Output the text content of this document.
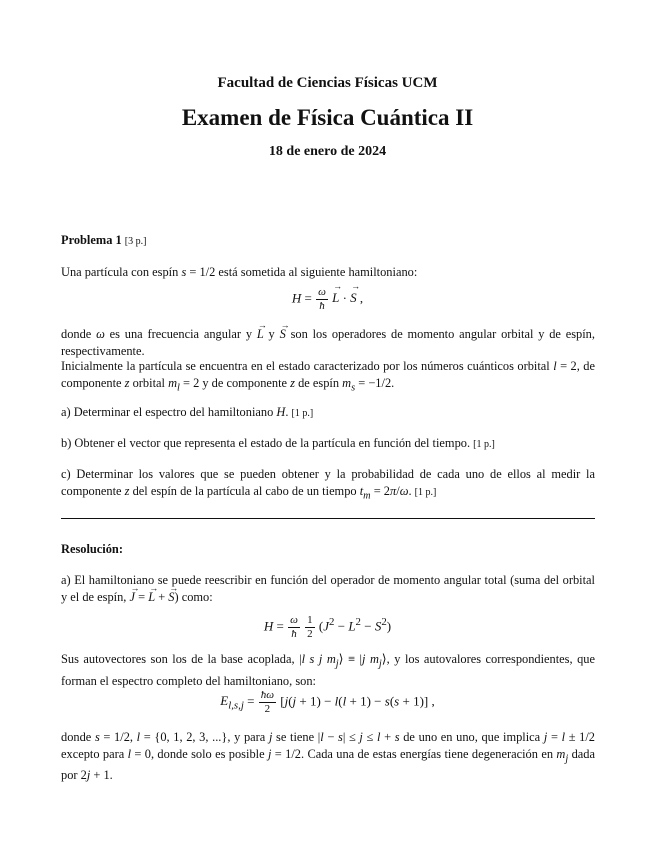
Facultad de Ciencias Físicas UCM
Examen de Física Cuántica II
18 de enero de 2024
Problema 1 [3 p.]
Una partícula con espín s = 1/2 está sometida al siguiente hamiltoniano:
$H = \frac{\omega}{ħ}$
→ L · → S ,
donde ω es una frecuencia angular y → L y → S son los operadores de momento angular orbital y de espín, respectivamente.
Inicialmente la partícula se encuentra en el estado caracterizado por los números cuánticos orbital l = 2, de componente z orbital $m_l = 2$ y de componente z de espín $m_s = -1/2$.
a) Determinar el espectro del hamiltoniano H. [1 p.]
b) Obtener el vector que representa el estado de la partícula en función del tiempo. [1 p.]
c) Determinar los valores que se pueden obtener y la probabilidad de cada uno de ellos al medir la componente z del espín de la partícula al cabo de un tiempo $t_m = 2\pi/\omega$. [1 p.]
Resolución:
a) El hamiltoniano se puede reescribir en función del operador de momento angular total (suma del orbital y el de espín, → J = → L + → S) como:
$H = \frac{\omega}{ħ}$
$\frac{1}{2} (J^2 - L^2 - S^2)$
Sus autovectores son los de la base acoplada, |l s j $m_j⟩ \equiv |j$ $m_j⟩$, y los autovalores correspondientes, que forman el espectro completo del hamiltoniano, son:
$E_{l,s,j} = \frac{ħ\omega}{2} [j(j + 1) - l(l + 1) - s(s + 1)]$ ,
donde s = 1/2, l = {0, 1, 2, 3, ...}, y para j se tiene |l − s| ≤ j ≤ l + s de uno en uno, que implica j = l ± 1/2 excepto para l = 0, donde solo es posible j = 1/2. Cada una de estas energías tiene degeneración en $m_j$ dada por 2j + 1.
